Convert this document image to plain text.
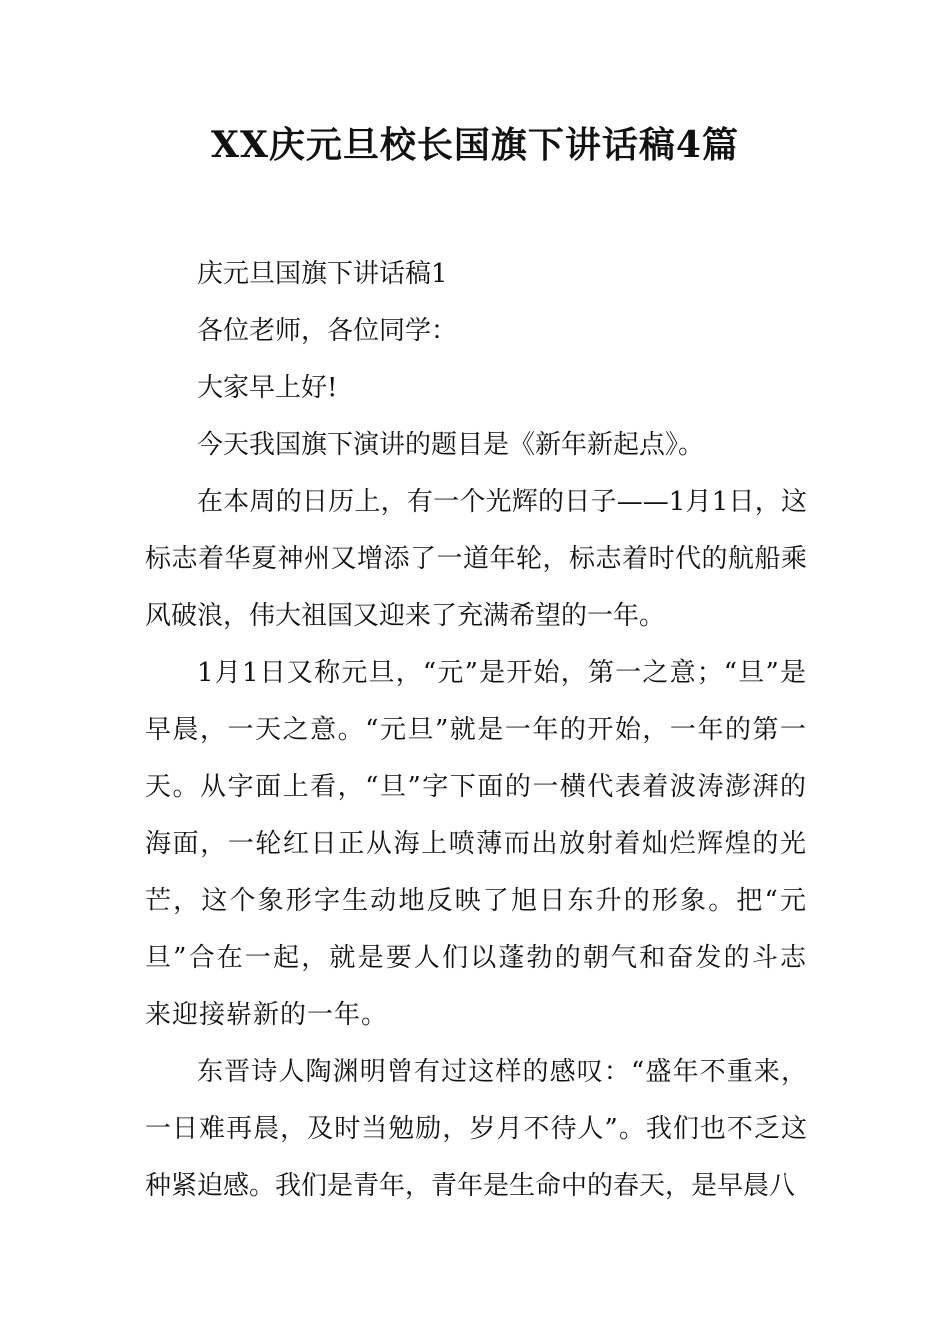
XX庆元旦校长国旗下讲话稿4篇

庆元旦国旗下讲话稿1

各位老师，各位同学：

大家早上好!

今天我国旗下演讲的题目是《新年新起点》。

在本周的日历上，有一个光辉的日子——1月1日，这标志着华夏神州又增添了一道年轮，标志着时代的航船乘风破浪，伟大祖国又迎来了充满希望的一年。

1月1日又称元旦，“元”是开始，第一之意；“旦”是早晨，一天之意。“元旦”就是一年的开始，一年的第一天。从字面上看，“旦”字下面的一横代表着波涛澎湃的海面，一轮红日正从海上喷薄而出放射着灿烂辉煌的光芒，这个象形字生动地反映了旭日东升的形象。把“元旦”合在一起，就是要人们以蓬勃的朝气和奋发的斗志来迎接崭新的一年。

东晋诗人陶渊明曾有过这样的感叹：“盛年不重来，一日难再晨，及时当勉励，岁月不待人”。我们也不乏这种紧迫感。我们是青年，青年是生命中的春天，是早晨八
